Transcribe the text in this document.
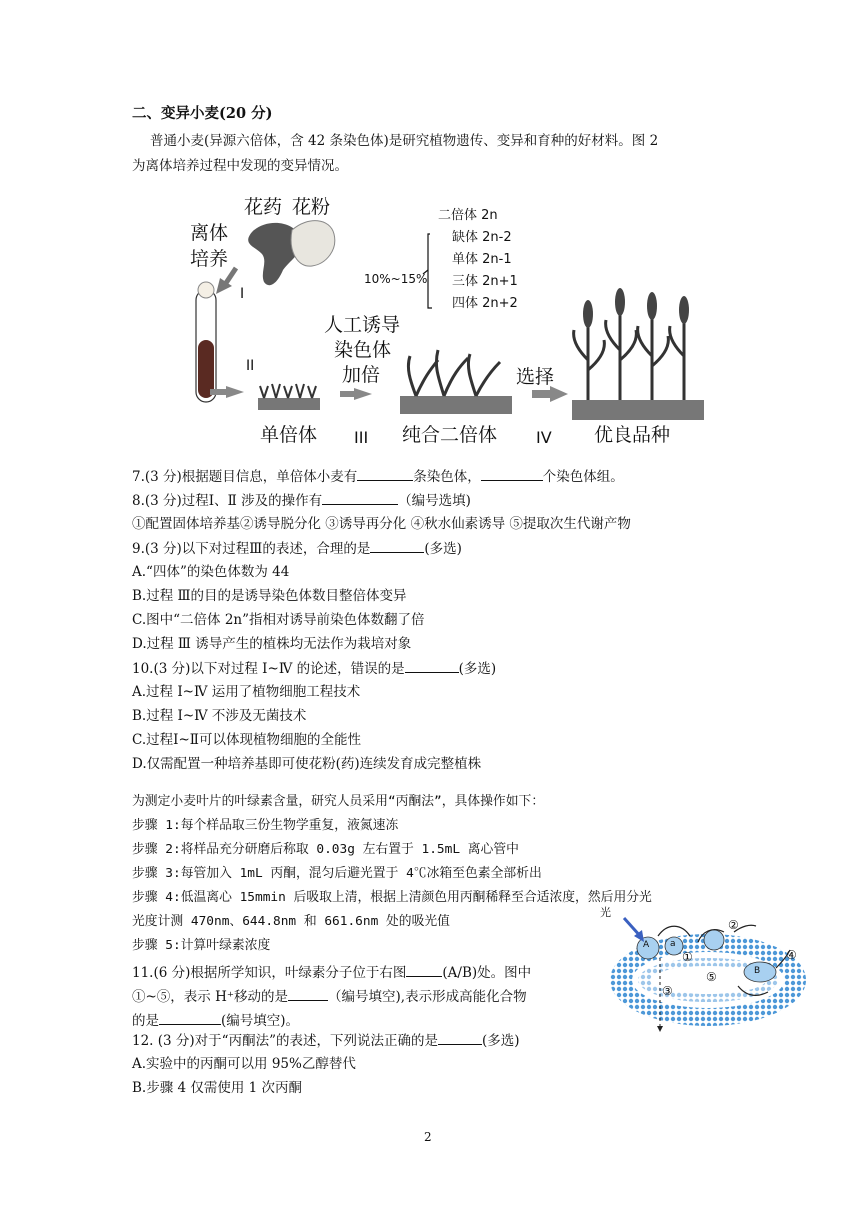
二、变异小麦(20 分)
普通小麦(异源六倍体，含 42 条染色体)是研究植物遗传、变异和育种的好材料。图 2
为离体培养过程中发现的变异情况。
花药 花粉
离体
培养
I
II
10%~15%
二倍体 2n
缺体 2n-2
单体 2n-1
三体 2n+1
四体 2n+2
人工诱导
染色体
加倍	选择
单倍体 III 纯合二倍体 IV 优良品种
7.(3 分)根据题目信息，单倍体小麦有	条染色体，	个染色体组。
8.(3 分)过程Ⅰ、Ⅱ 涉及的操作有	（编号选填)
①配置固体培养基②诱导脱分化 ③诱导再分化 ④秋水仙素诱导 ⑤提取次生代谢产物
9.(3 分)以下对过程Ⅲ的表述，合理的是	(多选)
A.“四体”的染色体数为 44
B.过程 Ⅲ的目的是诱导染色体数目整倍体变异
C.图中“二倍体 2n”指相对诱导前染色体数翻了倍
D.过程 Ⅲ 诱导产生的植株均无法作为栽培对象
10.(3 分)以下对过程 Ⅰ~Ⅳ 的论述，错误的是	(多选)
A.过程 Ⅰ~Ⅳ 运用了植物细胞工程技术
B.过程 Ⅰ~Ⅳ 不涉及无菌技术
C.过程Ⅰ~Ⅱ可以体现植物细胞的全能性
D.仅需配置一种培养基即可使花粉(药)连续发育成完整植株
为测定小麦叶片的叶绿素含量，研究人员采用“丙酮法”，具体操作如下：
步骤 1:每个样品取三份生物学重复，液氮速冻
步骤 2:将样品充分研磨后称取 0.03g 左右置于 1.5mL 离心管中
步骤 3:每管加入 1mL 丙酮，混匀后避光置于 4℃冰箱至色素全部析出
步骤 4:低温离心 15mmin 后吸取上清，根据上清颜色用丙酮稀释至合适浓度，然后用分光
光度计测 470nm、644.8nm 和 661.6nm 处的吸光值
步骤 5:计算叶绿素浓度
11.(6 分)根据所学知识，叶绿素分子位于右图	(A/B)处。图中
①~⑤，表示 H⁺移动的是	（编号填空),表示形成高能化合物
的是	(编号填空)。
光
A a
B
①
②
③
④
⑤
12. (3 分)对于“丙酮法”的表述，下列说法正确的是	(多选)
A.实验中的丙酮可以用 95%乙醇替代
B.步骤 4 仅需使用 1 次丙酮
2
